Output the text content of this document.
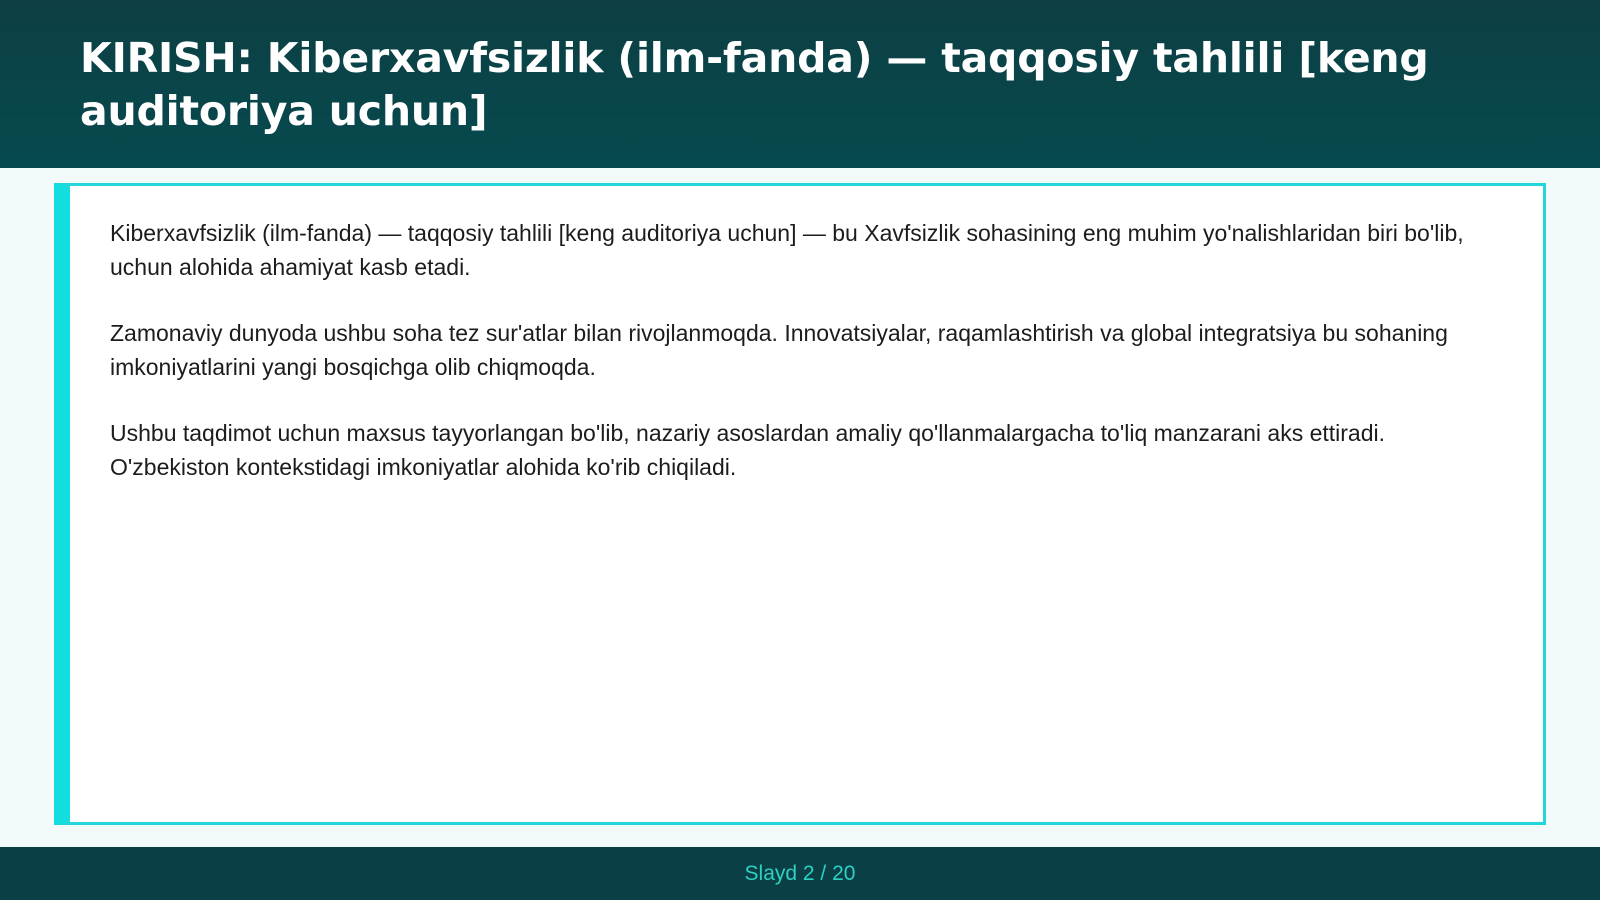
KIRISH: Kiberxavfsizlik (ilm-fanda) — taqqosiy tahlili [keng auditoriya uchun]

Kiberxavfsizlik (ilm-fanda) — taqqosiy tahlili [keng auditoriya uchun] — bu Xavfsizlik sohasining eng muhim yo'nalishlaridan biri bo'lib, uchun alohida ahamiyat kasb etadi.

Zamonaviy dunyoda ushbu soha tez sur'atlar bilan rivojlanmoqda. Innovatsiyalar, raqamlashtirish va global integratsiya bu sohaning imkoniyatlarini yangi bosqichga olib chiqmoqda.

Ushbu taqdimot uchun maxsus tayyorlangan bo'lib, nazariy asoslardan amaliy qo'llanmalargacha to'liq manzarani aks ettiradi. O'zbekiston kontekstidagi imkoniyatlar alohida ko'rib chiqiladi.

Slayd 2 / 20
